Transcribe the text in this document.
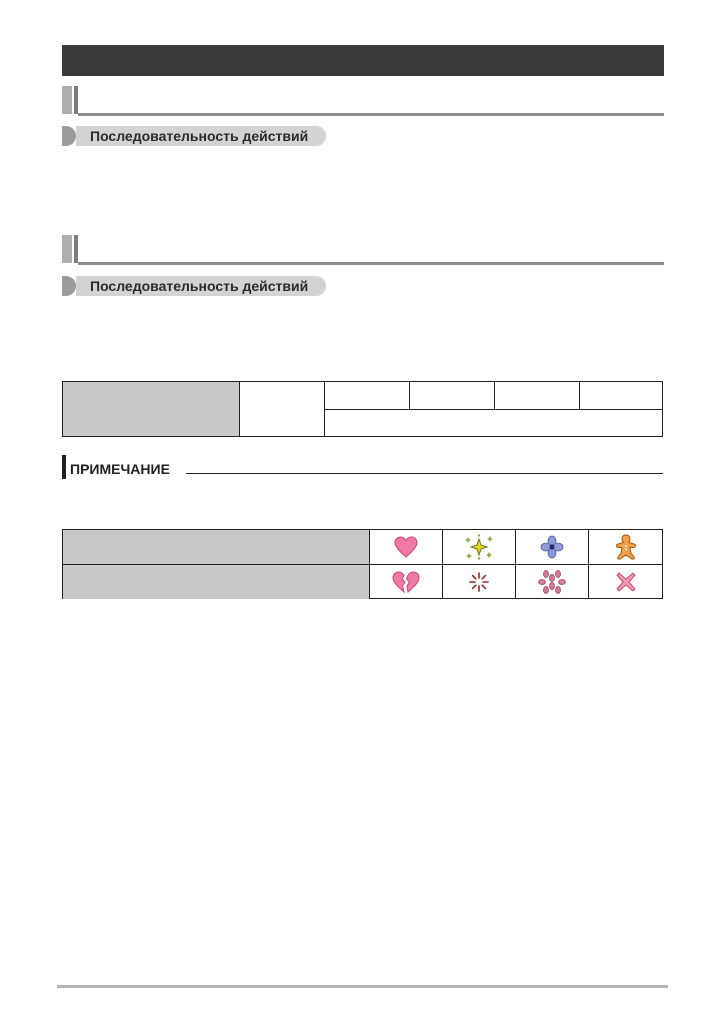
Последовательность действий
Последовательность действий
ПРИМЕЧАНИЕ
